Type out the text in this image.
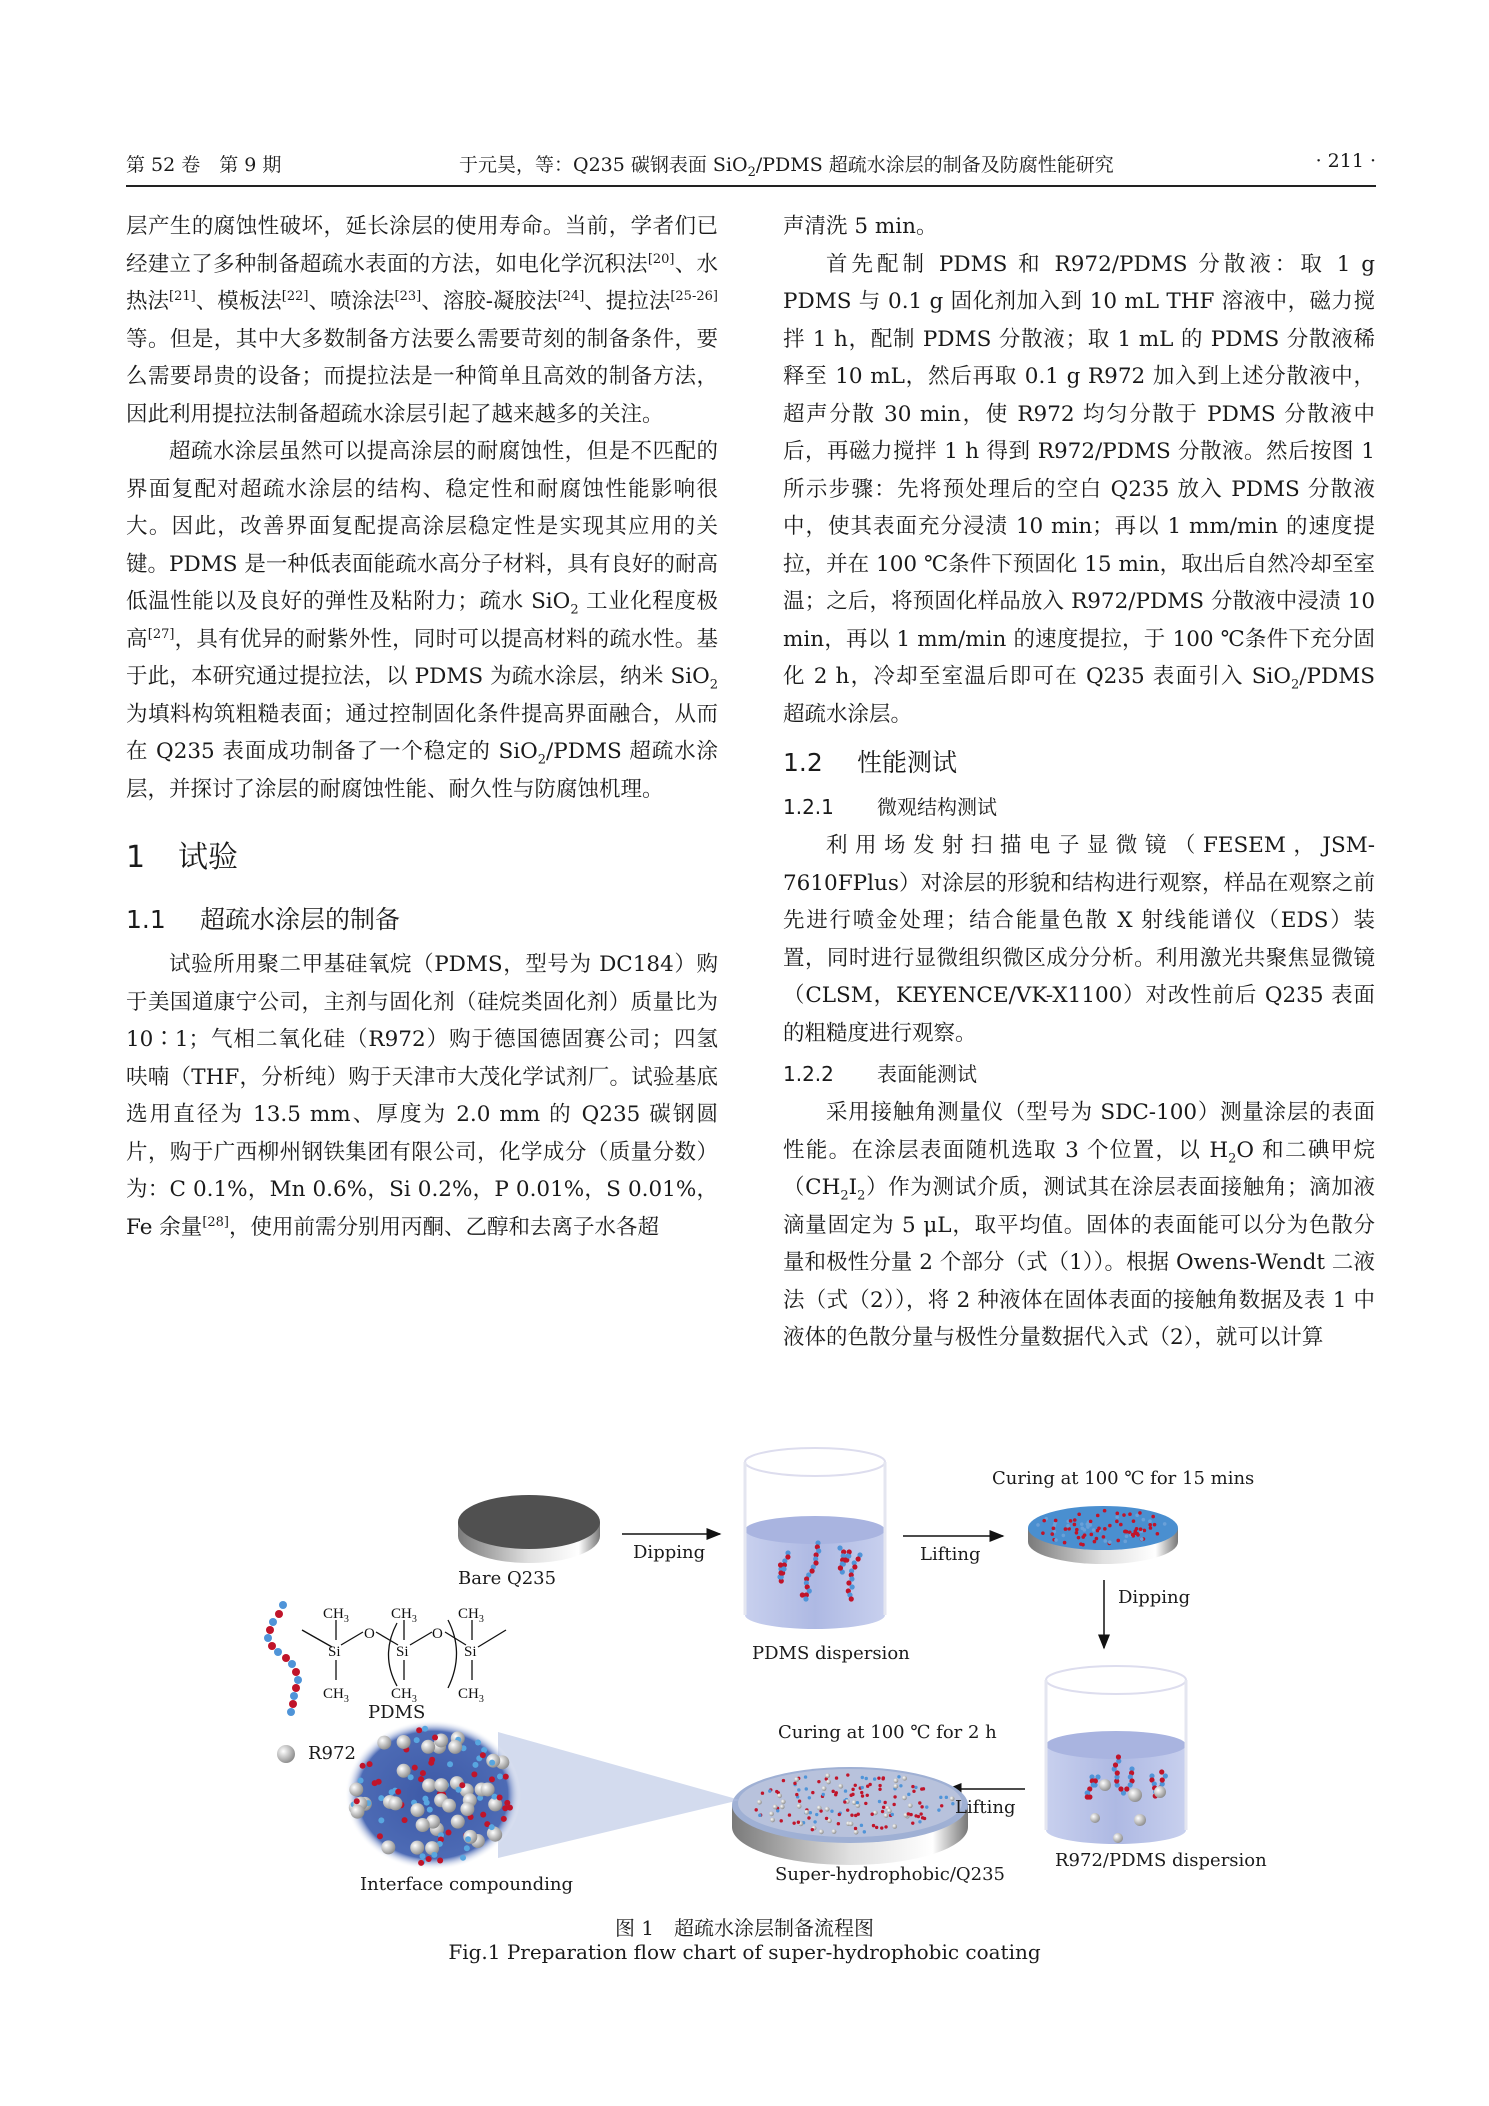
第 52 卷　第 9 期	于元昊，等：Q235 碳钢表面 SiO$_2$/PDMS 超疏水涂层的制备及防腐性能研究	· 211 ·

层产生的腐蚀性破坏，延长涂层的使用寿命。当前，学者们已经建立了多种制备超疏水表面的方法，如电化学沉积法[20]、水热法[21]、模板法[22]、喷涂法[23]、溶胶-凝胶法[24]、提拉法[25-26]等。但是，其中大多数制备方法要么需要苛刻的制备条件，要么需要昂贵的设备；而提拉法是一种简单且高效的制备方法，因此利用提拉法制备超疏水涂层引起了越来越多的关注。

超疏水涂层虽然可以提高涂层的耐腐蚀性，但是不匹配的界面复配对超疏水涂层的结构、稳定性和耐腐蚀性能影响很大。因此，改善界面复配提高涂层稳定性是实现其应用的关键。PDMS 是一种低表面能疏水高分子材料，具有良好的耐高低温性能以及良好的弹性及粘附力；疏水 SiO$_2$ 工业化程度极高[27]，具有优异的耐紫外性，同时可以提高材料的疏水性。基于此，本研究通过提拉法，以 PDMS 为疏水涂层，纳米 SiO$_2$ 为填料构筑粗糙表面；通过控制固化条件提高界面融合，从而在 Q235 表面成功制备了一个稳定的 SiO$_2$/PDMS 超疏水涂层，并探讨了涂层的耐腐蚀性能、耐久性与防腐蚀机理。

1 试验
1.1 超疏水涂层的制备

试验所用聚二甲基硅氧烷（PDMS，型号为 DC184）购于美国道康宁公司，主剂与固化剂（硅烷类固化剂）质量比为 10∶1；气相二氧化硅（R972）购于德国德固赛公司；四氢呋喃（THF，分析纯）购于天津市大茂化学试剂厂。试验基底选用直径为 13.5 mm、厚度为 2.0 mm 的 Q235 碳钢圆片，购于广西柳州钢铁集团有限公司，化学成分（质量分数）为：C 0.1%，Mn 0.6%，Si 0.2%，P 0.01%，S 0.01%，Fe 余量[28]，使用前需分别用丙酮、乙醇和去离子水各超

声清洗 5 min。

首先配制 PDMS 和 R972/PDMS 分散液：取 1 g PDMS 与 0.1 g 固化剂加入到 10 mL THF 溶液中，磁力搅拌 1 h，配制 PDMS 分散液；取 1 mL 的 PDMS 分散液稀释至 10 mL，然后再取 0.1 g R972 加入到上述分散液中，超声分散 30 min，使 R972 均匀分散于 PDMS 分散液中后，再磁力搅拌 1 h 得到 R972/PDMS 分散液。然后按图 1 所示步骤：先将预处理后的空白 Q235 放入 PDMS 分散液中，使其表面充分浸渍 10 min；再以 1 mm/min 的速度提拉，并在 100 ℃条件下预固化 15 min，取出后自然冷却至室温；之后，将预固化样品放入 R972/PDMS 分散液中浸渍 10 min，再以 1 mm/min 的速度提拉，于 100 ℃条件下充分固化 2 h，冷却至室温后即可在 Q235 表面引入 SiO$_2$/PDMS 超疏水涂层。

1.2 性能测试
1.2.1 微观结构测试

利用场发射扫描电子显微镜（FESEM，JSM-7610FPlus）对涂层的形貌和结构进行观察，样品在观察之前先进行喷金处理；结合能量色散 X 射线能谱仪（EDS）装置，同时进行显微组织微区成分分析。利用激光共聚焦显微镜（CLSM，KEYENCE/VK-X1100）对改性前后 Q235 表面的粗糙度进行观察。

1.2.2 表面能测试

采用接触角测量仪（型号为 SDC-100）测量涂层的表面性能。在涂层表面随机选取 3 个位置，以 $H_2O$ 和二碘甲烷$(CH_2I_2)$作为测试介质，测试其在涂层表面接触角；滴加液滴量固定为 5 μL，取平均值。固体的表面能可以分为色散分量和极性分量 2 个部分（式（1））。根据 Owens-Wendt 二液法（式（2）），将 2 种液体在固体表面的接触角数据及表 1 中液体的色散分量与极性分量数据代入式（2），就可以计算

$CH_3$	$CH_3$	$CH_3$
$CH_3$	$CH_3$	$CH_3$
Si	Si	Si
O	O
Bare Q235
Dipping
PDMS dispersion
Lifting
Curing at 100 ℃ for 15 mins
Dipping
R972/PDMS dispersion
Lifting
Curing at 100 ℃ for 2 h
Super-hydrophobic/Q235
Interface compounding
PDMS
R972
图 1　超疏水涂层制备流程图
Fig.1 Preparation flow chart of super-hydrophobic coating
